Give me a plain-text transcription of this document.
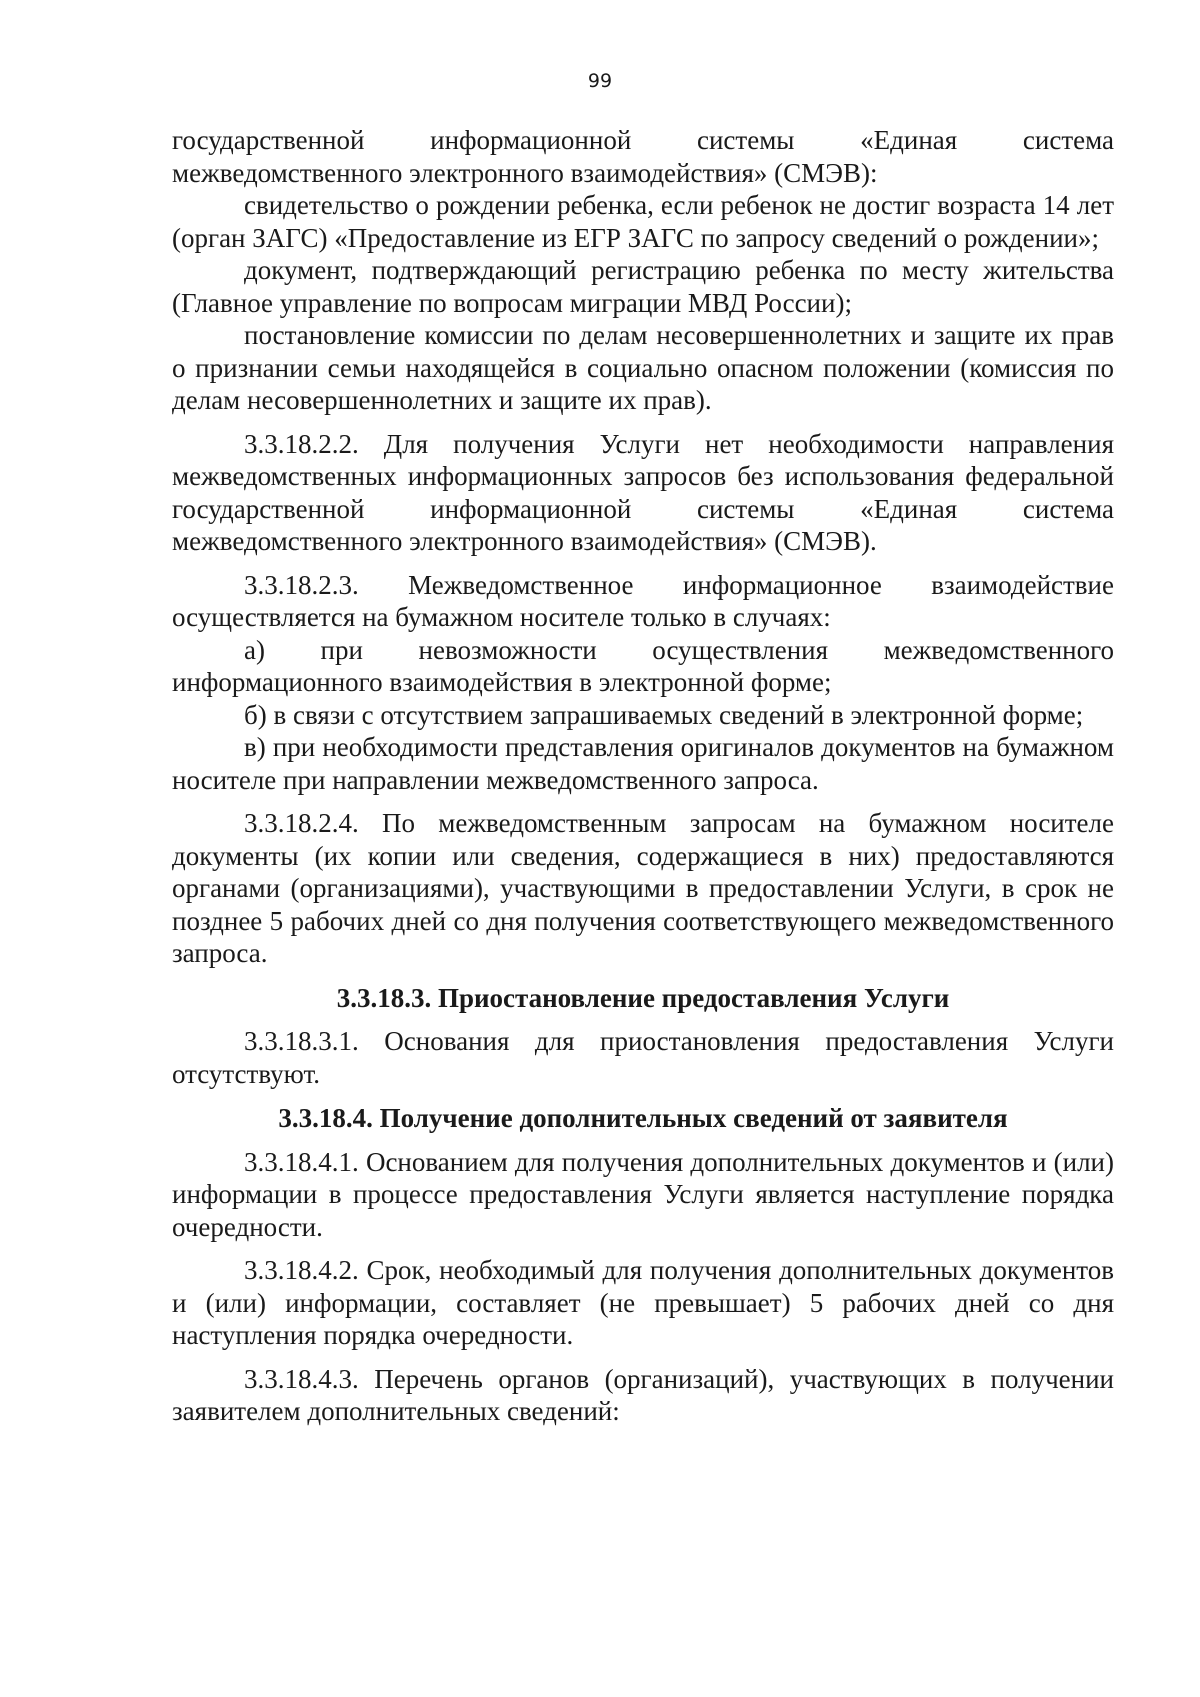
99

государственной информационной системы «Единая система межведомственного электронного взаимодействия» (СМЭВ):

свидетельство о рождении ребенка, если ребенок не достиг возраста 14 лет (орган ЗАГС) «Предоставление из ЕГР ЗАГС по запросу сведений о рождении»;

документ, подтверждающий регистрацию ребенка по месту жительства (Главное управление по вопросам миграции МВД России);

постановление комиссии по делам несовершеннолетних и защите их прав о признании семьи находящейся в социально опасном положении (комиссия по делам несовершеннолетних и защите их прав).

3.3.18.2.2. Для получения Услуги нет необходимости направления межведомственных информационных запросов без использования федеральной государственной информационной системы «Единая система межведомственного электронного взаимодействия» (СМЭВ).

3.3.18.2.3. Межведомственное информационное взаимодействие осуществляется на бумажном носителе только в случаях:

а) при невозможности осуществления межведомственного информационного взаимодействия в электронной форме;

б) в связи с отсутствием запрашиваемых сведений в электронной форме;

в) при необходимости представления оригиналов документов на бумажном носителе при направлении межведомственного запроса.

3.3.18.2.4. По межведомственным запросам на бумажном носителе документы (их копии или сведения, содержащиеся в них) предоставляются органами (организациями), участвующими в предоставлении Услуги, в срок не позднее 5 рабочих дней со дня получения соответствующего межведомственного запроса.

3.3.18.3. Приостановление предоставления Услуги

3.3.18.3.1. Основания для приостановления предоставления Услуги отсутствуют.

3.3.18.4. Получение дополнительных сведений от заявителя

3.3.18.4.1. Основанием для получения дополнительных документов и (или) информации в процессе предоставления Услуги является наступление порядка очередности.

3.3.18.4.2. Срок, необходимый для получения дополнительных документов и (или) информации, составляет (не превышает) 5 рабочих дней со дня наступления порядка очередности.

3.3.18.4.3. Перечень органов (организаций), участвующих в получении заявителем дополнительных сведений:
